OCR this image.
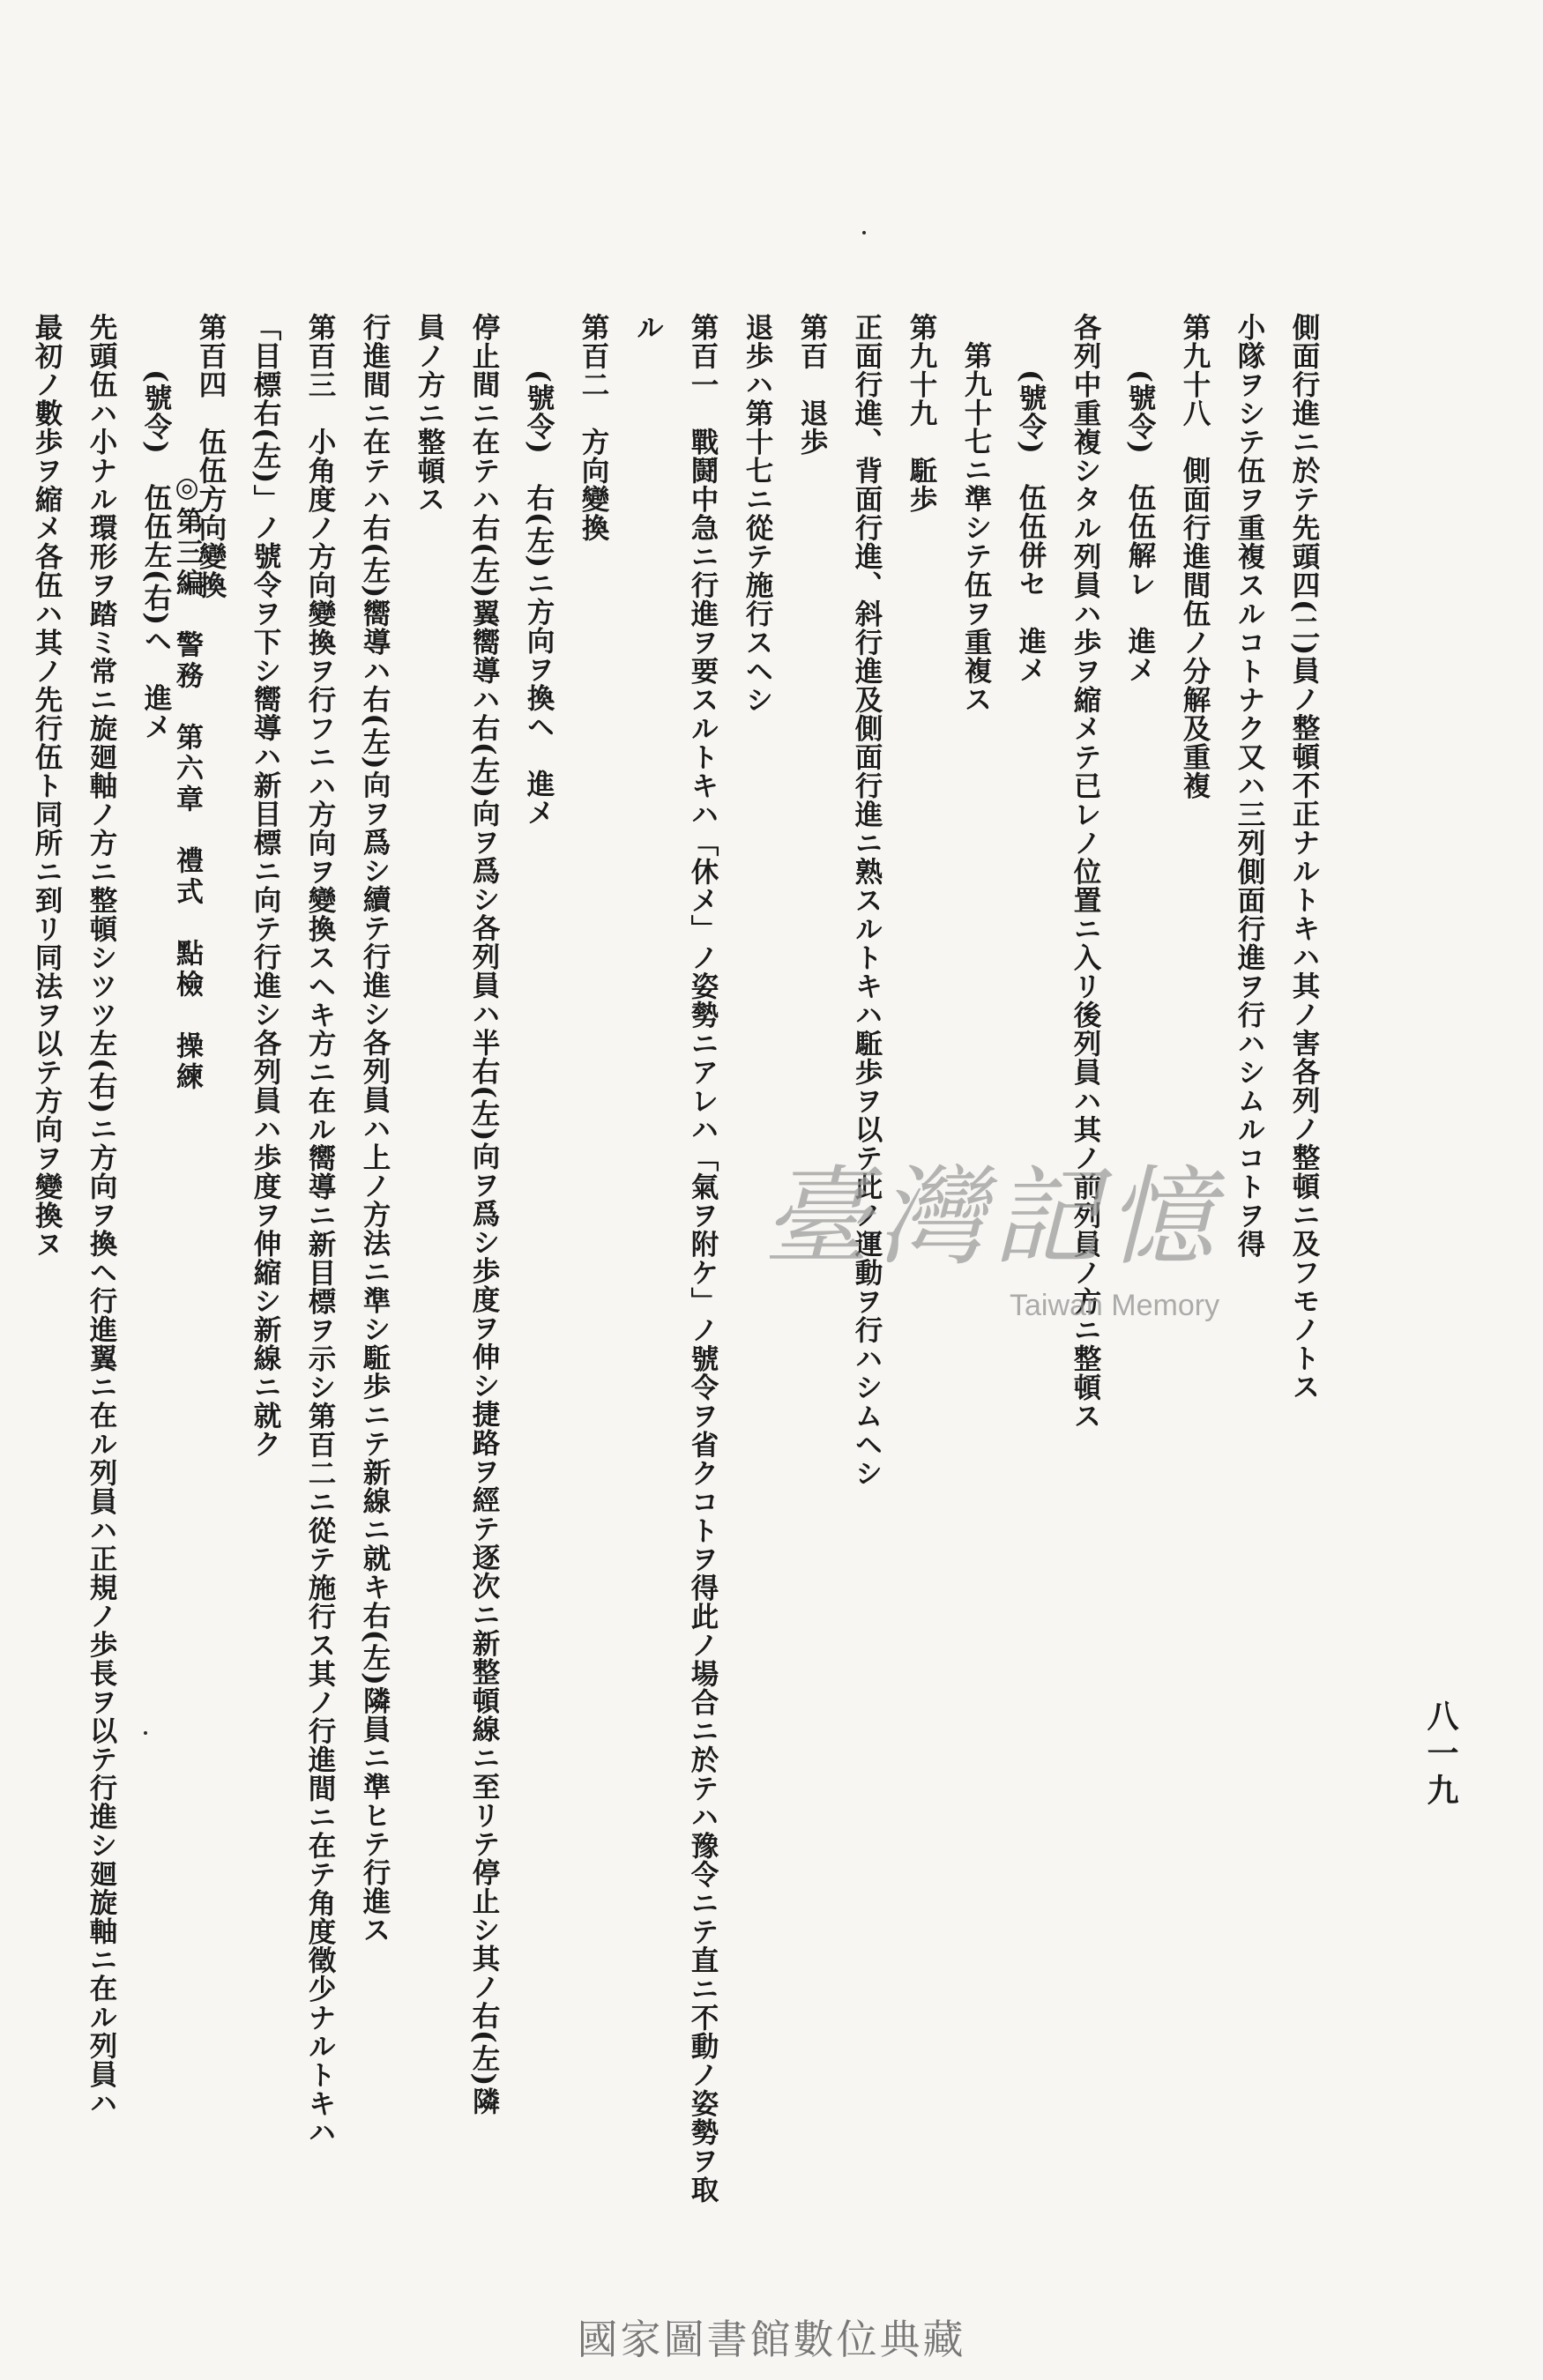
側面行進ニ於テ先頭四(二)員ノ整頓不正ナルトキハ其ノ害各列ノ整頓ニ及フモノトス
小隊ヲシテ伍ヲ重複スルコトナク又ハ三列側面行進ヲ行ハシムルコトヲ得
第九十八　側面行進間伍ノ分解及重複
(號令)　伍伍解レ　進メ
各列中重複シタル列員ハ歩ヲ縮メテ已レノ位置ニ入リ後列員ハ其ノ前列員ノ方ニ整頓ス
(號令)　伍伍併セ　進メ
第九十七ニ準シテ伍ヲ重複ス
第九十九　駈歩
正面行進、背面行進、斜行進及側面行進ニ熟スルトキハ駈歩ヲ以テ此ノ運動ヲ行ハシムヘシ
第百　退歩
退歩ハ第十七ニ從テ施行スヘシ
第百一　戰鬪中急ニ行進ヲ要スルトキハ「休メ」ノ姿勢ニアレハ「氣ヲ附ケ」ノ號令ヲ省クコトヲ得此ノ場合ニ於テハ豫令ニテ直ニ不動ノ姿勢ヲ取
ル
第百二　方向變換
(號令)　右(左)ニ方向ヲ換ヘ　進メ
停止間ニ在テハ右(左)翼嚮導ハ右(左)向ヲ爲シ各列員ハ半右(左)向ヲ爲シ歩度ヲ伸シ捷路ヲ經テ逐次ニ新整頓線ニ至リテ停止シ其ノ右(左)隣
員ノ方ニ整頓ス
行進間ニ在テハ右(左)嚮導ハ右(左)向ヲ爲シ續テ行進シ各列員ハ上ノ方法ニ準シ駈歩ニテ新線ニ就キ右(左)隣員ニ準ヒテ行進ス
第百三　小角度ノ方向變換ヲ行フニハ方向ヲ變換スヘキ方ニ在ル嚮導ニ新目標ヲ示シ第百二ニ從テ施行ス其ノ行進間ニ在テ角度徵少ナルトキハ
「目標右(左)」ノ號令ヲ下シ嚮導ハ新目標ニ向テ行進シ各列員ハ歩度ヲ伸縮シ新線ニ就ク
第百四　伍伍方向變換
(號令)　伍伍左(右)ヘ　進メ
先頭伍ハ小ナル環形ヲ踏ミ常ニ旋廻軸ノ方ニ整頓シツツ左(右)ニ方向ヲ換ヘ行進翼ニ在ル列員ハ正規ノ歩長ヲ以テ行進シ廻旋軸ニ在ル列員ハ
最初ノ數歩ヲ縮メ各伍ハ其ノ先行伍ト同所ニ到リ同法ヲ以テ方向ヲ變換ヌ
八一九
◎第三編　警務　第六章　禮式　點檢　操練
臺灣記憶
Taiwan Memory
國家圖書館數位典藏
